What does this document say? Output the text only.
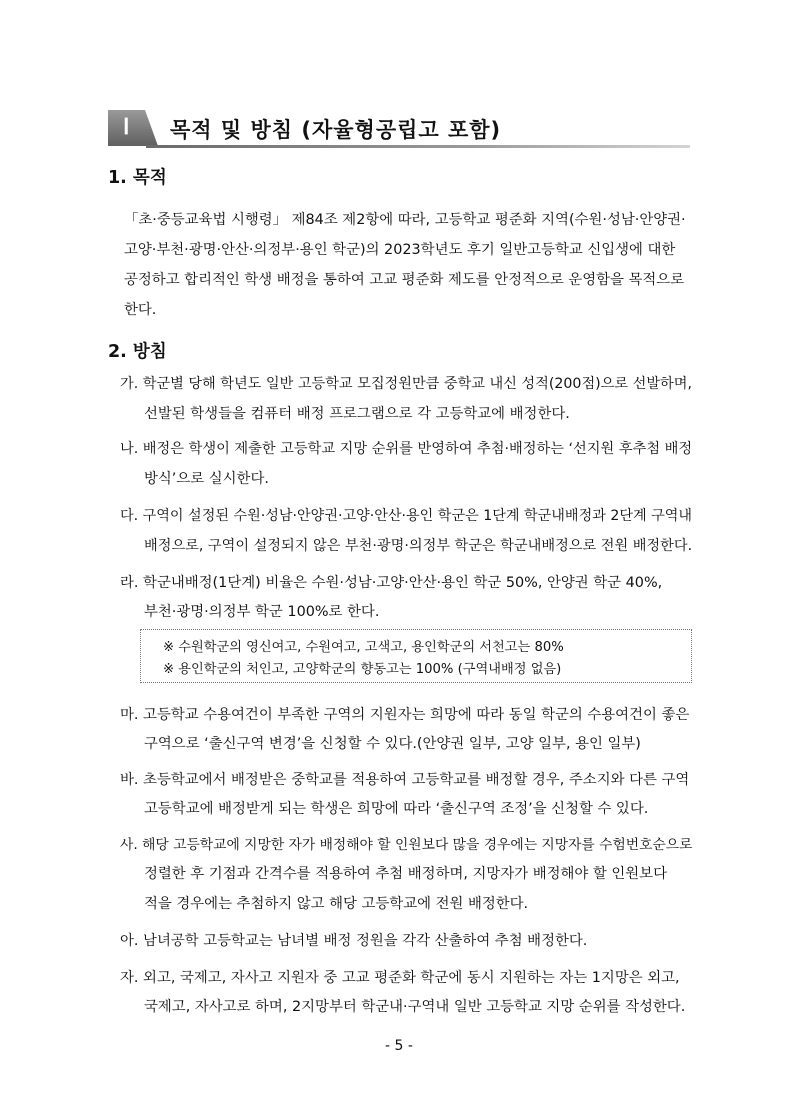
Ⅰ 목적 및 방침 (자율형공립고 포함)
1. 목적
「초·중등교육법 시행령」 제84조 제2항에 따라, 고등학교 평준화 지역(수원·성남·안양권·
고양·부천·광명·안산·의정부·용인 학군)의 2023학년도 후기 일반고등학교 신입생에 대한
공정하고 합리적인 학생 배정을 통하여 고교 평준화 제도를 안정적으로 운영함을 목적으로
한다.
2. 방침
가. 학군별 당해 학년도 일반 고등학교 모집정원만큼 중학교 내신 성적(200점)으로 선발하며,
선발된 학생들을 컴퓨터 배정 프로그램으로 각 고등학교에 배정한다.
나. 배정은 학생이 제출한 고등학교 지망 순위를 반영하여 추첨·배정하는 ‘선지원 후추첨 배정
방식’으로 실시한다.
다. 구역이 설정된 수원·성남·안양권·고양·안산·용인 학군은 1단계 학군내배정과 2단계 구역내
배정으로, 구역이 설정되지 않은 부천·광명·의정부 학군은 학군내배정으로 전원 배정한다.
라. 학군내배정(1단계) 비율은 수원·성남·고양·안산·용인 학군 50%, 안양권 학군 40%,
부천·광명·의정부 학군 100%로 한다.
※ 수원학군의 영신여고, 수원여고, 고색고, 용인학군의 서천고는 80%
※ 용인학군의 처인고, 고양학군의 향동고는 100% (구역내배정 없음)
마. 고등학교 수용여건이 부족한 구역의 지원자는 희망에 따라 동일 학군의 수용여건이 좋은
구역으로 ‘출신구역 변경’을 신청할 수 있다.(안양권 일부, 고양 일부, 용인 일부)
바. 초등학교에서 배정받은 중학교를 적용하여 고등학교를 배정할 경우, 주소지와 다른 구역
고등학교에 배정받게 되는 학생은 희망에 따라 ‘출신구역 조정’을 신청할 수 있다.
사. 해당 고등학교에 지망한 자가 배정해야 할 인원보다 많을 경우에는 지망자를 수험번호순으로
정렬한 후 기점과 간격수를 적용하여 추첨 배정하며, 지망자가 배정해야 할 인원보다
적을 경우에는 추첨하지 않고 해당 고등학교에 전원 배정한다.
아. 남녀공학 고등학교는 남녀별 배정 정원을 각각 산출하여 추첨 배정한다.
자. 외고, 국제고, 자사고 지원자 중 고교 평준화 학군에 동시 지원하는 자는 1지망은 외고,
국제고, 자사고로 하며, 2지망부터 학군내·구역내 일반 고등학교 지망 순위를 작성한다.
- 5 -
